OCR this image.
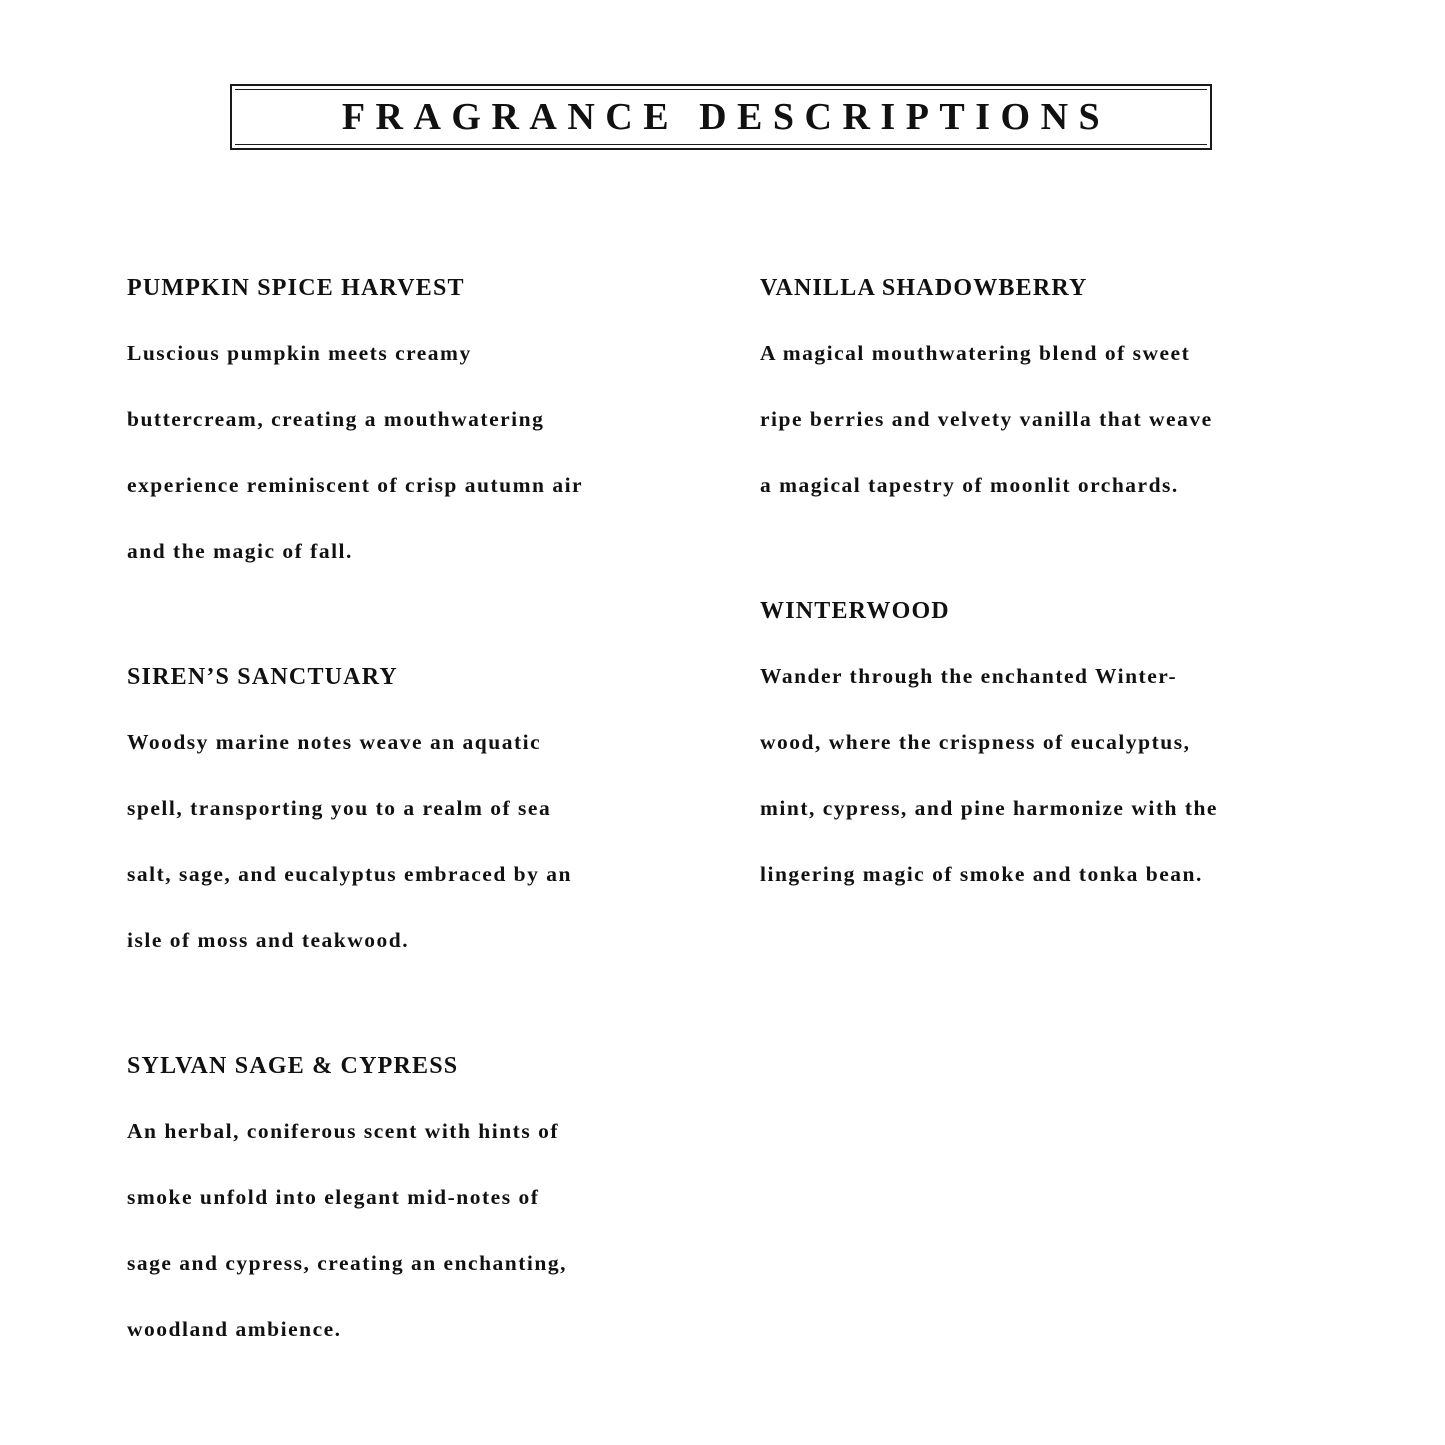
FRAGRANCE DESCRIPTIONS
PUMPKIN SPICE HARVEST
Luscious pumpkin meets creamy
buttercream, creating a mouthwatering
experience reminiscent of crisp autumn air
and the magic of fall.
SIREN’S SANCTUARY
Woodsy marine notes weave an aquatic
spell, transporting you to a realm of sea
salt, sage, and eucalyptus embraced by an
isle of moss and teakwood.
SYLVAN SAGE & CYPRESS
An herbal, coniferous scent with hints of
smoke unfold into elegant mid-notes of
sage and cypress, creating an enchanting,
woodland ambience.
VANILLA SHADOWBERRY
A magical mouthwatering blend of sweet
ripe berries and velvety vanilla that weave
a magical tapestry of moonlit orchards.
WINTERWOOD
Wander through the enchanted Winter-
wood, where the crispness of eucalyptus,
mint, cypress, and pine harmonize with the
lingering magic of smoke and tonka bean.
